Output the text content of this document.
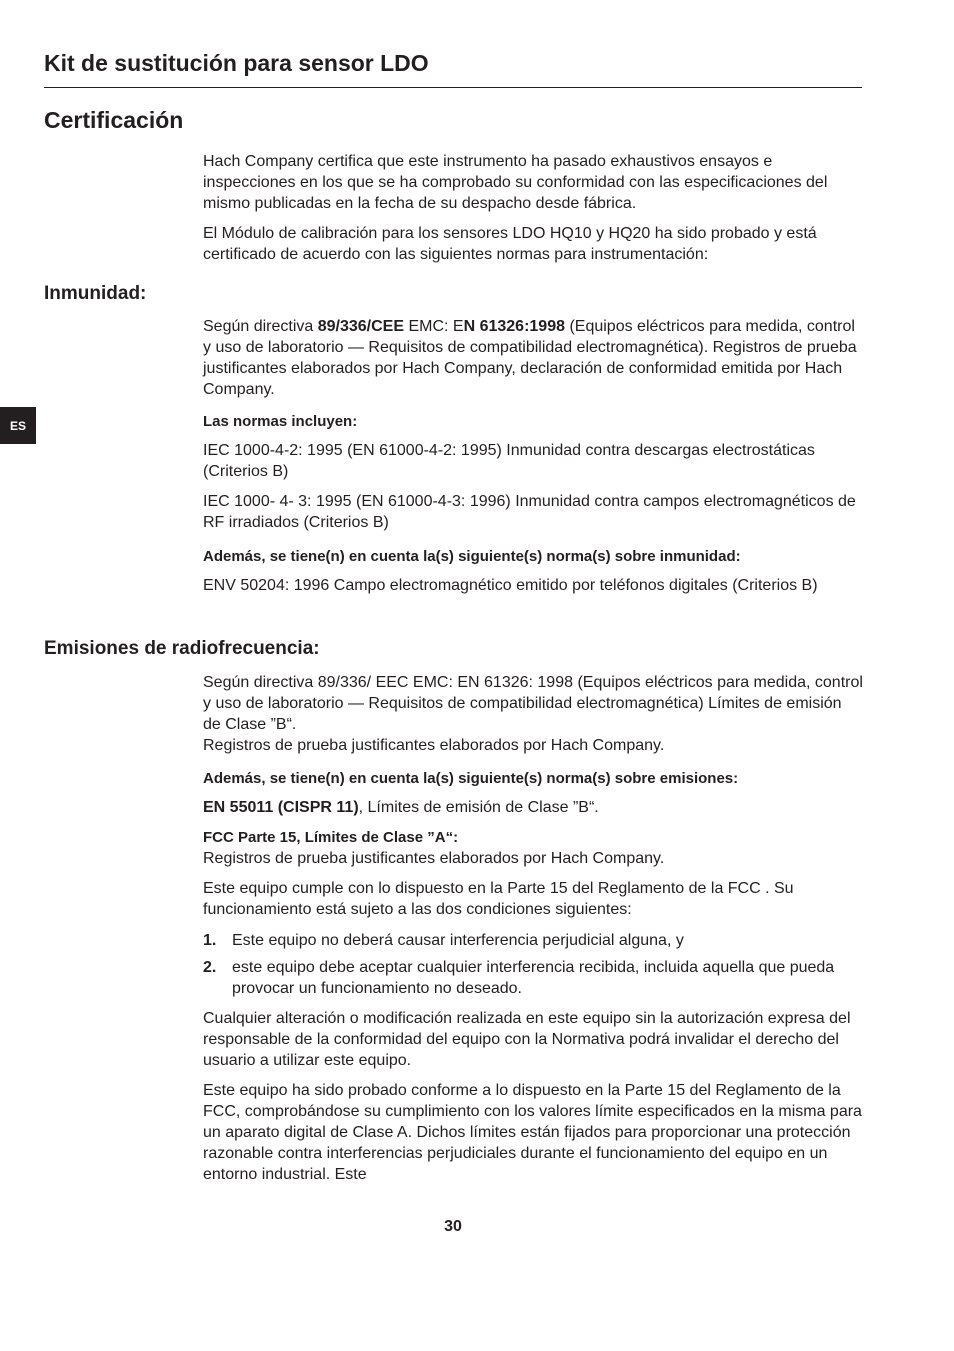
Kit de sustitución para sensor LDO
Certificación
ES

Hach Company certifica que este instrumento ha pasado exhaustivos ensayos e inspecciones en los que se ha comprobado su conformidad con las especificaciones del mismo publicadas en la fecha de su despacho desde fábrica.

El Módulo de calibración para los sensores LDO HQ10 y HQ20 ha sido probado y está certificado de acuerdo con las siguientes normas para instrumentación:

Inmunidad:

Según directiva 89/336/CEE EMC: EN 61326:1998 (Equipos eléctricos para medida, control y uso de laboratorio — Requisitos de compatibilidad electromagnética). Registros de prueba justificantes elaborados por Hach Company, declaración de conformidad emitida por Hach Company.

Las normas incluyen:

IEC 1000-4-2: 1995 (EN 61000-4-2: 1995) Inmunidad contra descargas electrostáticas (Criterios B)

IEC 1000- 4- 3: 1995 (EN 61000-4-3: 1996) Inmunidad contra campos electromagnéticos de RF irradiados (Criterios B)

Además, se tiene(n) en cuenta la(s) siguiente(s) norma(s) sobre inmunidad:

ENV 50204: 1996 Campo electromagnético emitido por teléfonos digitales (Criterios B)

Emisiones de radiofrecuencia:

Según directiva 89/336/ EEC EMC: EN 61326: 1998 (Equipos eléctricos para medida, control y uso de laboratorio — Requisitos de compatibilidad electromagnética) Límites de emisión de Clase ”B“.

Registros de prueba justificantes elaborados por Hach Company.

Además, se tiene(n) en cuenta la(s) siguiente(s) norma(s) sobre emisiones:

EN 55011 (CISPR 11), Límites de emisión de Clase ”B“.

FCC Parte 15, Límites de Clase ”A“:

Registros de prueba justificantes elaborados por Hach Company.

Este equipo cumple con lo dispuesto en la Parte 15 del Reglamento de la FCC . Su funcionamiento está sujeto a las dos condiciones siguientes:

1. Este equipo no deberá causar interferencia perjudicial alguna, y
2. este equipo debe aceptar cualquier interferencia recibida, incluida aquella que pueda provocar un funcionamiento no deseado.

Cualquier alteración o modificación realizada en este equipo sin la autorización expresa del responsable de la conformidad del equipo con la Normativa podrá invalidar el derecho del usuario a utilizar este equipo.

Este equipo ha sido probado conforme a lo dispuesto en la Parte 15 del Reglamento de la FCC, comprobándose su cumplimiento con los valores límite especificados en la misma para un aparato digital de Clase A. Dichos límites están fijados para proporcionar una protección razonable contra interferencias perjudiciales durante el funcionamiento del equipo en un entorno industrial. Este

30
